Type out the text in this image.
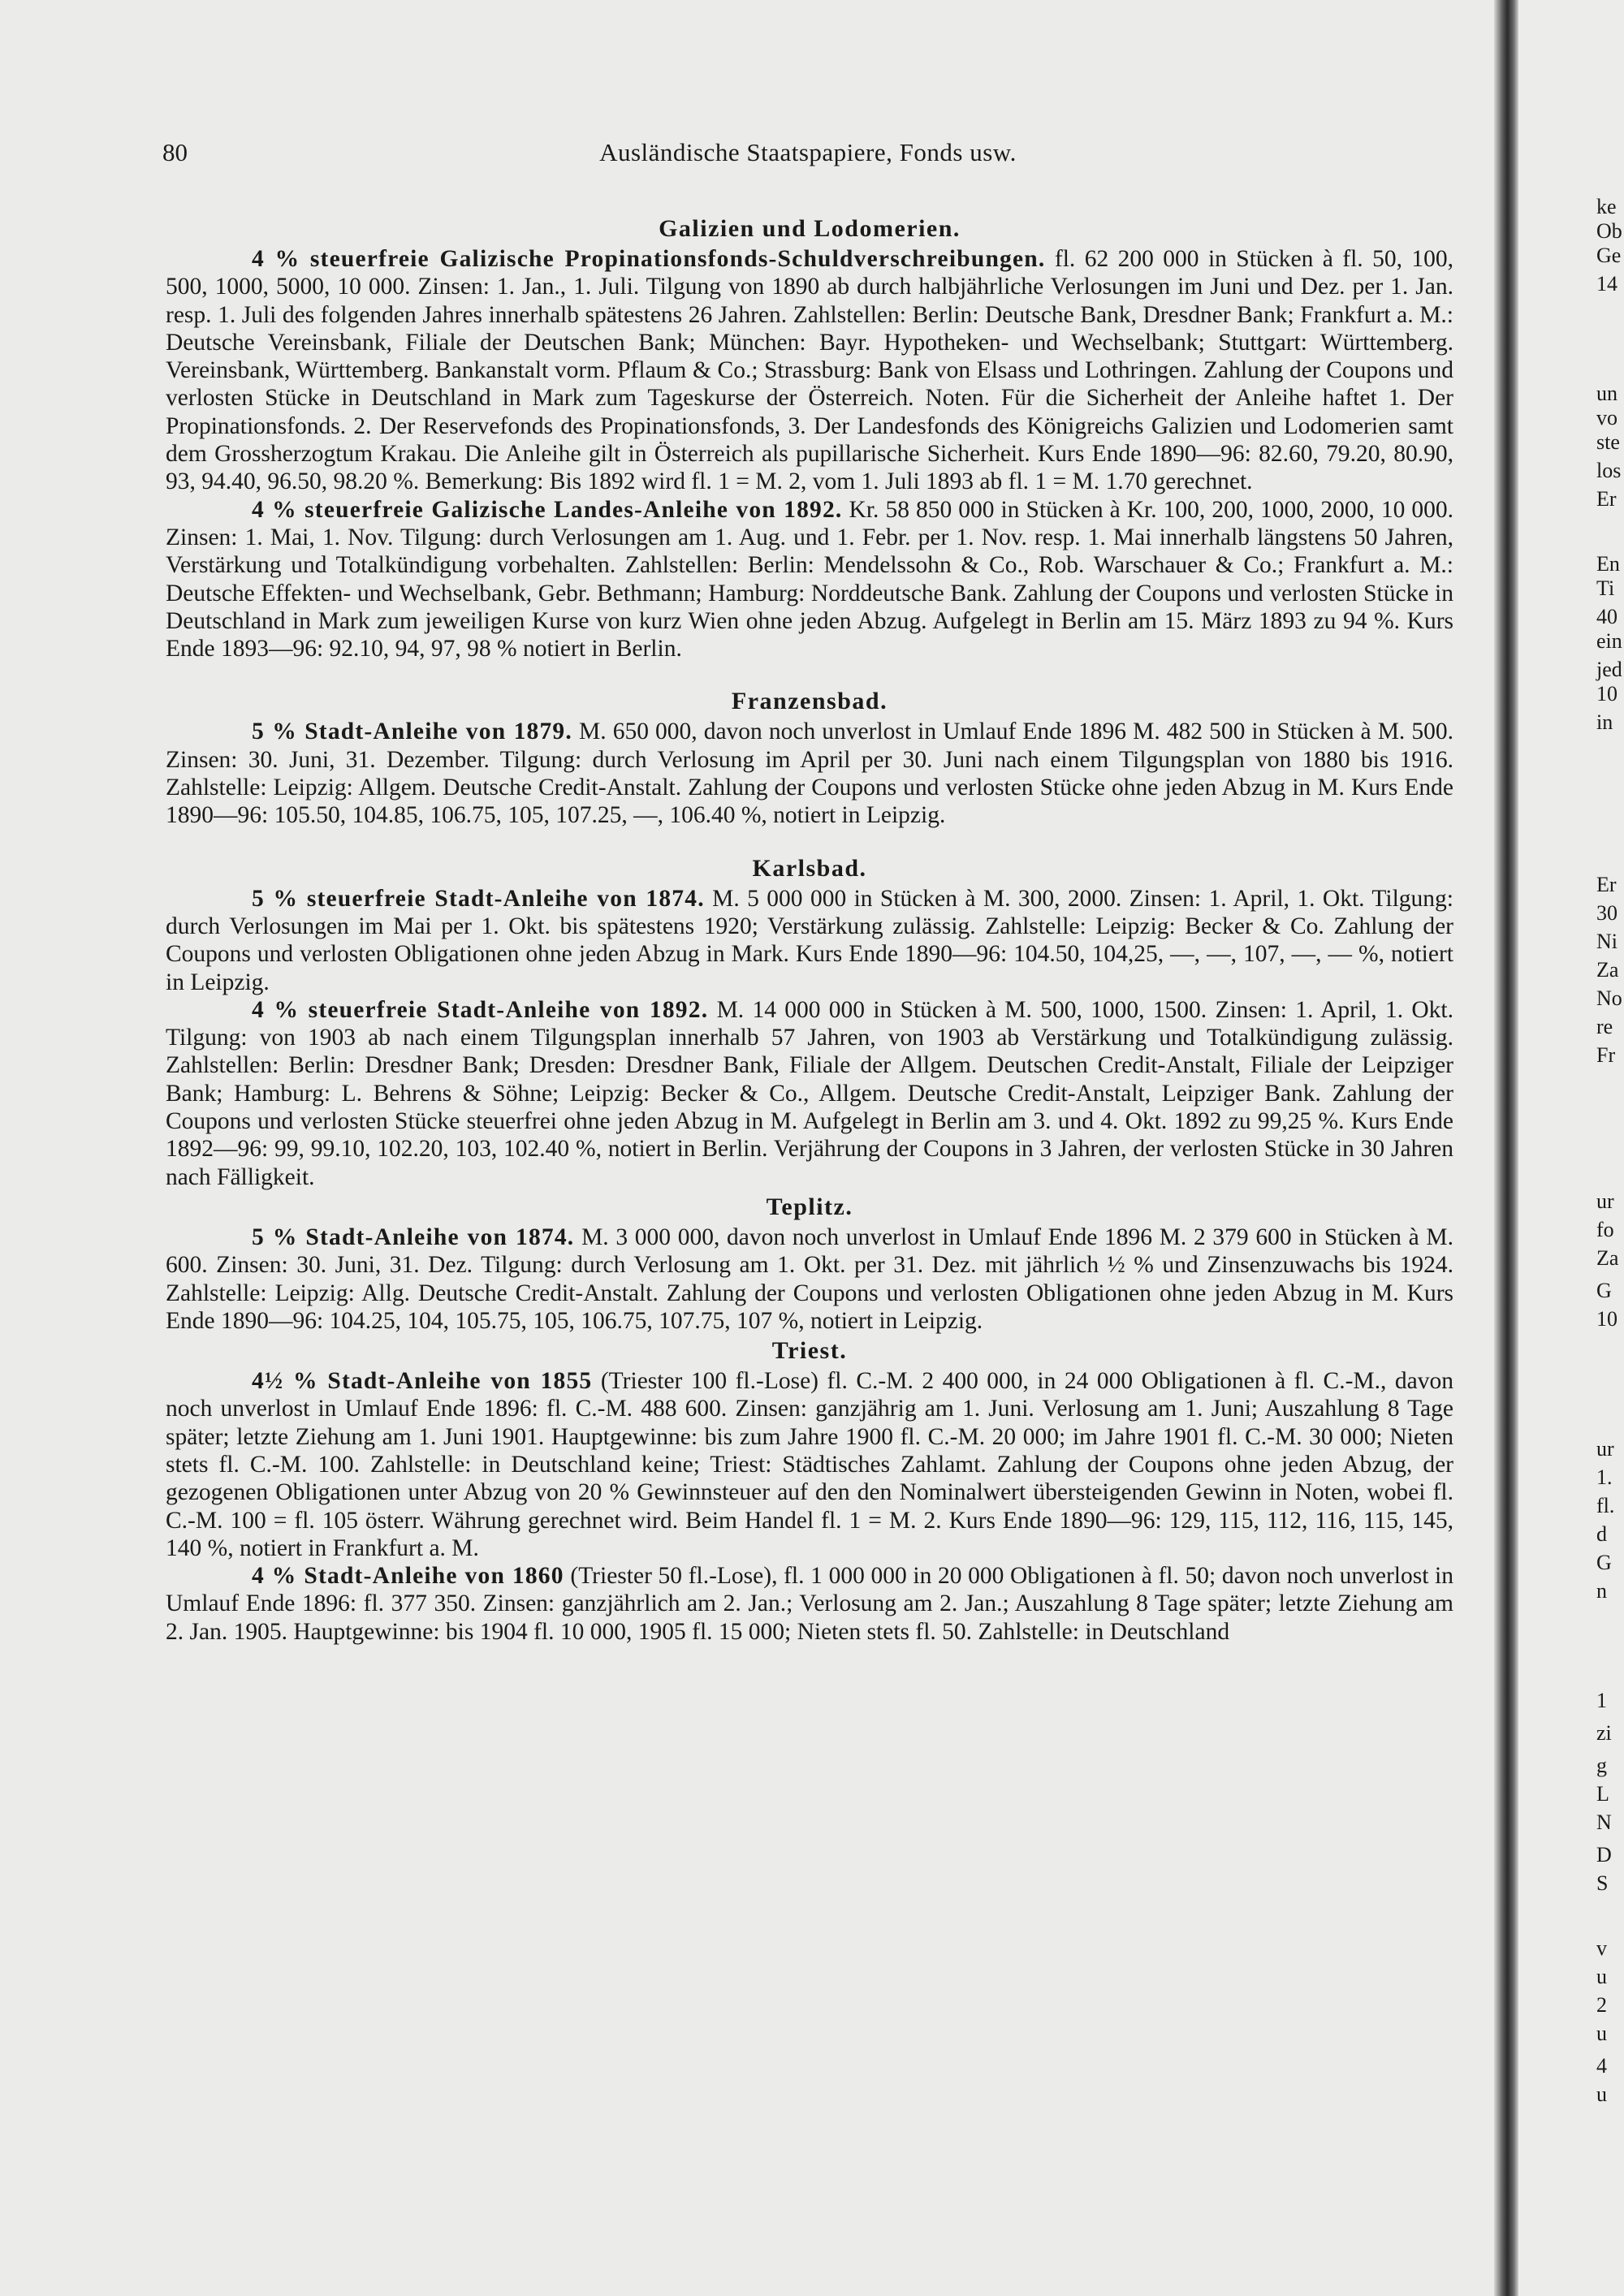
80	Ausländische Staatspapiere, Fonds usw.
Galizien und Lodomerien.

4 % steuerfreie Galizische Propinationsfonds-Schuldverschreibungen. fl. 62 200 000 in Stücken à fl. 50, 100, 500, 1000, 5000, 10 000. Zinsen: 1. Jan., 1. Juli. Tilgung von 1890 ab durch halbjährliche Verlosungen im Juni und Dez. per 1. Jan. resp. 1. Juli des folgenden Jahres innerhalb spätestens 26 Jahren. Zahlstellen: Berlin: Deutsche Bank, Dresdner Bank; Frankfurt a. M.: Deutsche Vereinsbank, Filiale der Deutschen Bank; München: Bayr. Hypotheken- und Wechselbank; Stuttgart: Württemberg. Vereinsbank, Württemberg. Bankanstalt vorm. Pflaum & Co.; Strassburg: Bank von Elsass und Lothringen. Zahlung der Coupons und verlosten Stücke in Deutschland in Mark zum Tageskurse der Österreich. Noten. Für die Sicherheit der Anleihe haftet 1. Der Propinationsfonds. 2. Der Reservefonds des Propinationsfonds, 3. Der Landesfonds des Königreichs Galizien und Lodomerien samt dem Grossherzogtum Krakau. Die Anleihe gilt in Österreich als pupillarische Sicherheit. Kurs Ende 1890—96: 82.60, 79.20, 80.90, 93, 94.40, 96.50, 98.20 %. Bemerkung: Bis 1892 wird fl. 1 = M. 2, vom 1. Juli 1893 ab fl. 1 = M. 1.70 gerechnet.

4 % steuerfreie Galizische Landes-Anleihe von 1892. Kr. 58 850 000 in Stücken à Kr. 100, 200, 1000, 2000, 10 000. Zinsen: 1. Mai, 1. Nov. Tilgung: durch Verlosungen am 1. Aug. und 1. Febr. per 1. Nov. resp. 1. Mai innerhalb längstens 50 Jahren, Verstärkung und Totalkündigung vorbehalten. Zahlstellen: Berlin: Mendelssohn & Co., Rob. Warschauer & Co.; Frankfurt a. M.: Deutsche Effekten- und Wechselbank, Gebr. Bethmann; Hamburg: Norddeutsche Bank. Zahlung der Coupons und verlosten Stücke in Deutschland in Mark zum jeweiligen Kurse von kurz Wien ohne jeden Abzug. Aufgelegt in Berlin am 15. März 1893 zu 94 %. Kurs Ende 1893—96: 92.10, 94, 97, 98 % notiert in Berlin.

Franzensbad.

5 % Stadt-Anleihe von 1879. M. 650 000, davon noch unverlost in Umlauf Ende 1896 M. 482 500 in Stücken à M. 500. Zinsen: 30. Juni, 31. Dezember. Tilgung: durch Verlosung im April per 30. Juni nach einem Tilgungsplan von 1880 bis 1916. Zahlstelle: Leipzig: Allgem. Deutsche Credit-Anstalt. Zahlung der Coupons und verlosten Stücke ohne jeden Abzug in M. Kurs Ende 1890—96: 105.50, 104.85, 106.75, 105, 107.25, —, 106.40 %, notiert in Leipzig.

Karlsbad.

5 % steuerfreie Stadt-Anleihe von 1874. M. 5 000 000 in Stücken à M. 300, 2000. Zinsen: 1. April, 1. Okt. Tilgung: durch Verlosungen im Mai per 1. Okt. bis spätestens 1920; Verstärkung zulässig. Zahlstelle: Leipzig: Becker & Co. Zahlung der Coupons und verlosten Obligationen ohne jeden Abzug in Mark. Kurs Ende 1890—96: 104.50, 104,25, —, —, 107, —, — %, notiert in Leipzig.

4 % steuerfreie Stadt-Anleihe von 1892. M. 14 000 000 in Stücken à M. 500, 1000, 1500. Zinsen: 1. April, 1. Okt. Tilgung: von 1903 ab nach einem Tilgungsplan innerhalb 57 Jahren, von 1903 ab Verstärkung und Totalkündigung zulässig. Zahlstellen: Berlin: Dresdner Bank; Dresden: Dresdner Bank, Filiale der Allgem. Deutschen Credit-Anstalt, Filiale der Leipziger Bank; Hamburg: L. Behrens & Söhne; Leipzig: Becker & Co., Allgem. Deutsche Credit-Anstalt, Leipziger Bank. Zahlung der Coupons und verlosten Stücke steuerfrei ohne jeden Abzug in M. Aufgelegt in Berlin am 3. und 4. Okt. 1892 zu 99,25 %. Kurs Ende 1892—96: 99, 99.10, 102.20, 103, 102.40 %, notiert in Berlin. Verjährung der Coupons in 3 Jahren, der verlosten Stücke in 30 Jahren nach Fälligkeit.

Teplitz.

5 % Stadt-Anleihe von 1874. M. 3 000 000, davon noch unverlost in Umlauf Ende 1896 M. 2 379 600 in Stücken à M. 600. Zinsen: 30. Juni, 31. Dez. Tilgung: durch Verlosung am 1. Okt. per 31. Dez. mit jährlich ½ % und Zinsenzuwachs bis 1924. Zahlstelle: Leipzig: Allg. Deutsche Credit-Anstalt. Zahlung der Coupons und verlosten Obligationen ohne jeden Abzug in M. Kurs Ende 1890—96: 104.25, 104, 105.75, 105, 106.75, 107.75, 107 %, notiert in Leipzig.

Triest.

4½ % Stadt-Anleihe von 1855 (Triester 100 fl.-Lose) fl. C.-M. 2 400 000, in 24 000 Obligationen à fl. C.-M., davon noch unverlost in Umlauf Ende 1896: fl. C.-M. 488 600. Zinsen: ganzjährig am 1. Juni. Verlosung am 1. Juni; Auszahlung 8 Tage später; letzte Ziehung am 1. Juni 1901. Hauptgewinne: bis zum Jahre 1900 fl. C.-M. 20 000; im Jahre 1901 fl. C.-M. 30 000; Nieten stets fl. C.-M. 100. Zahlstelle: in Deutschland keine; Triest: Städtisches Zahlamt. Zahlung der Coupons ohne jeden Abzug, der gezogenen Obligationen unter Abzug von 20 % Gewinnsteuer auf den den Nominalwert übersteigenden Gewinn in Noten, wobei fl. C.-M. 100 = fl. 105 österr. Währung gerechnet wird. Beim Handel fl. 1 = M. 2. Kurs Ende 1890—96: 129, 115, 112, 116, 115, 145, 140 %, notiert in Frankfurt a. M.

4 % Stadt-Anleihe von 1860 (Triester 50 fl.-Lose), fl. 1 000 000 in 20 000 Obligationen à fl. 50; davon noch unverlost in Umlauf Ende 1896: fl. 377 350. Zinsen: ganzjährlich am 2. Jan.; Verlosung am 2. Jan.; Auszahlung 8 Tage später; letzte Ziehung am 2. Jan. 1905. Hauptgewinne: bis 1904 fl. 10 000, 1905 fl. 15 000; Nieten stets fl. 50. Zahlstelle: in Deutschland

ke
Ob
Ge
14
un
vo
ste
los
Er
En
Ti
40
ein
jed
10
in
Er
30
Ni
Za
No
re
Fr
ur
fo
Za
G
10
ur
1.
fl.
d
G
n
1
zi
g
L
N
D
S
v
u
2
u
4
u
